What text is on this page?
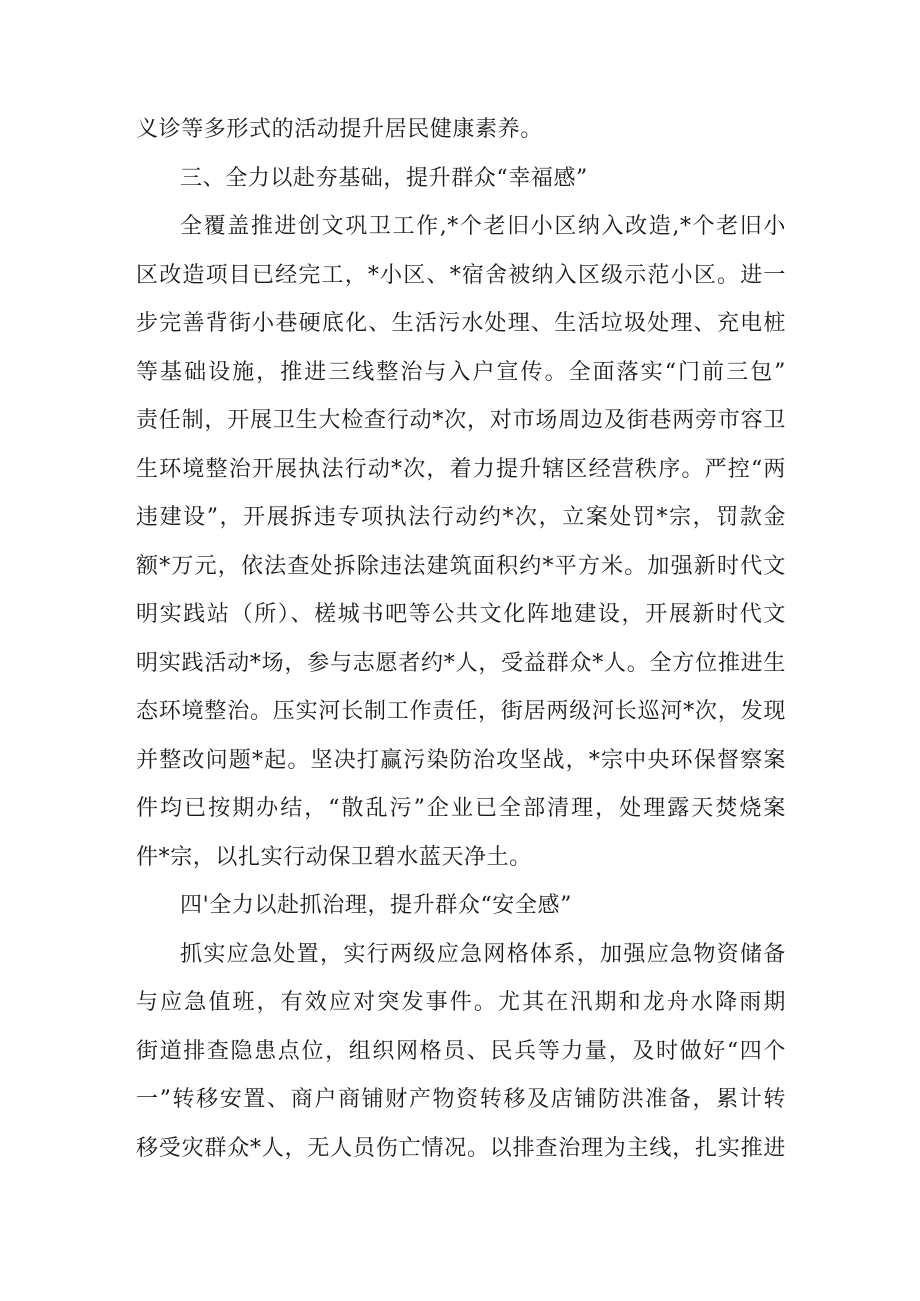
义诊等多形式的活动提升居民健康素养。
三、全力以赴夯基础，提升群众“幸福感”
全覆盖推进创文巩卫工作,*个老旧小区纳入改造,*个老旧小
区改造项目已经完工，*小区、*宿舍被纳入区级示范小区。进一
步完善背街小巷硬底化、生活污水处理、生活垃圾处理、充电桩
等基础设施，推进三线整治与入户宣传。全面落实“门前三包”
责任制，开展卫生大检查行动*次，对市场周边及街巷两旁市容卫
生环境整治开展执法行动*次，着力提升辖区经营秩序。严控“两
违建设”，开展拆违专项执法行动约*次，立案处罚*宗，罚款金
额*万元，依法查处拆除违法建筑面积约*平方米。加强新时代文
明实践站（所）、槎城书吧等公共文化阵地建设，开展新时代文
明实践活动*场，参与志愿者约*人，受益群众*人。全方位推进生
态环境整治。压实河长制工作责任，街居两级河长巡河*次，发现
并整改问题*起。坚决打赢污染防治攻坚战，*宗中央环保督察案
件均已按期办结，“散乱污”企业已全部清理，处理露天焚烧案
件*宗，以扎实行动保卫碧水蓝天净土。
四'全力以赴抓治理，提升群众“安全感”
抓实应急处置，实行两级应急网格体系，加强应急物资储备
与应急值班，有效应对突发事件。尤其在汛期和龙舟水降雨期
街道排查隐患点位，组织网格员、民兵等力量，及时做好“四个
一”转移安置、商户商铺财产物资转移及店铺防洪准备，累计转
移受灾群众*人，无人员伤亡情况。以排查治理为主线，扎实推进
